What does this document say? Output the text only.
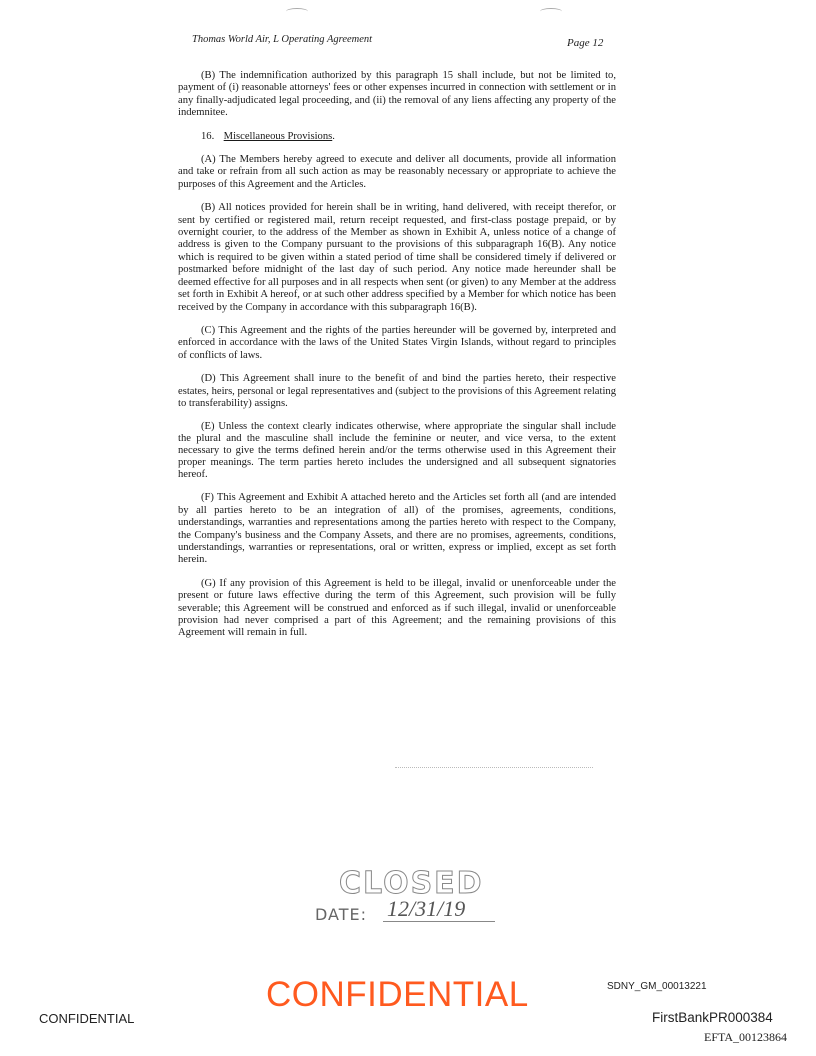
Thomas World Air, L Operating Agreement	Page 12

(B) The indemnification authorized by this paragraph 15 shall include, but not be limited to, payment of (i) reasonable attorneys' fees or other expenses incurred in connection with settlement or in any finally-adjudicated legal proceeding, and (ii) the removal of any liens affecting any property of the indemnitee.

16. Miscellaneous Provisions.

(A) The Members hereby agreed to execute and deliver all documents, provide all information and take or refrain from all such action as may be reasonably necessary or appropriate to achieve the purposes of this Agreement and the Articles.

(B) All notices provided for herein shall be in writing, hand delivered, with receipt therefor, or sent by certified or registered mail, return receipt requested, and first-class postage prepaid, or by overnight courier, to the address of the Member as shown in Exhibit A, unless notice of a change of address is given to the Company pursuant to the provisions of this subparagraph 16(B). Any notice which is required to be given within a stated period of time shall be considered timely if delivered or postmarked before midnight of the last day of such period. Any notice made hereunder shall be deemed effective for all purposes and in all respects when sent (or given) to any Member at the address set forth in Exhibit A hereof, or at such other address specified by a Member for which notice has been received by the Company in accordance with this subparagraph 16(B).

(C) This Agreement and the rights of the parties hereunder will be governed by, interpreted and enforced in accordance with the laws of the United States Virgin Islands, without regard to principles of conflicts of laws.

(D) This Agreement shall inure to the benefit of and bind the parties hereto, their respective estates, heirs, personal or legal representatives and (subject to the provisions of this Agreement relating to transferability) assigns.

(E) Unless the context clearly indicates otherwise, where appropriate the singular shall include the plural and the masculine shall include the feminine or neuter, and vice versa, to the extent necessary to give the terms defined herein and/or the terms otherwise used in this Agreement their proper meanings. The term parties hereto includes the undersigned and all subsequent signatories hereof.

(F) This Agreement and Exhibit A attached hereto and the Articles set forth all (and are intended by all parties hereto to be an integration of all) of the promises, agreements, conditions, understandings, warranties and representations among the parties hereto with respect to the Company, the Company's business and the Company Assets, and there are no promises, agreements, conditions, understandings, warranties or representations, oral or written, express or implied, except as set forth herein.

(G) If any provision of this Agreement is held to be illegal, invalid or unenforceable under the present or future laws effective during the term of this Agreement, such provision will be fully severable; this Agreement will be construed and enforced as if such illegal, invalid or unenforceable provision had never comprised a part of this Agreement; and the remaining provisions of this Agreement will remain in full.

CLOSED
DATE: 12/31/19
CONFIDENTIAL
CONFIDENTIAL
SDNY_GM_00013221
FirstBankPR000384
EFTA_00123864
